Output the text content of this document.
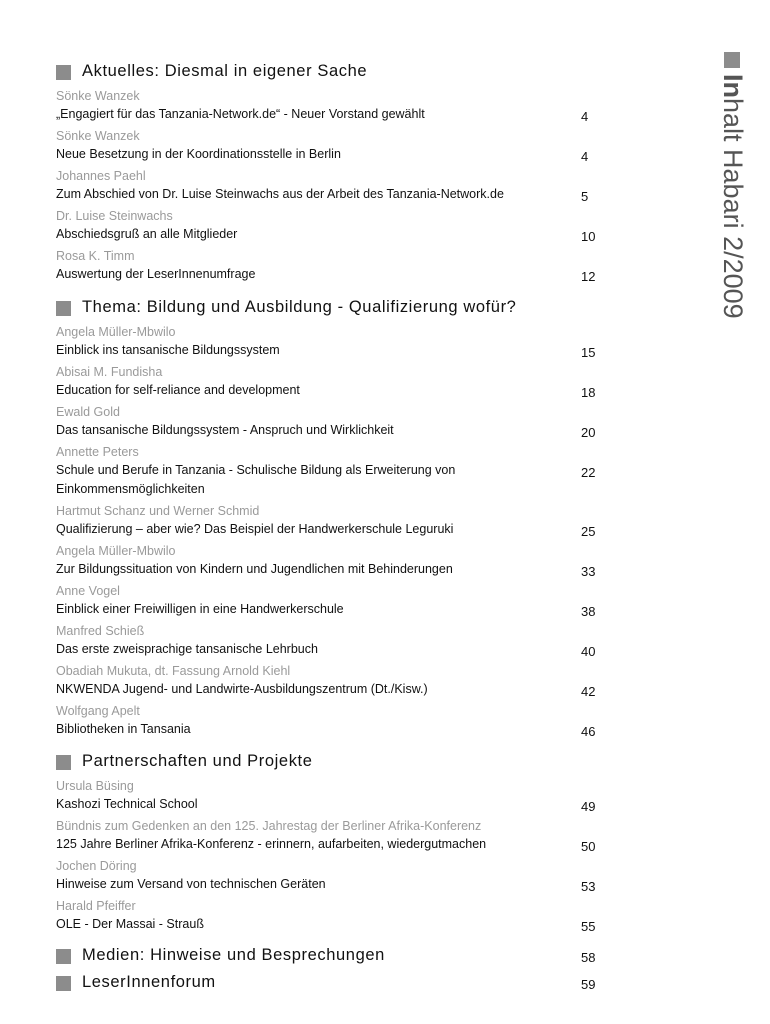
Aktuelles: Diesmal in eigener Sache
Sönke Wanzek
„Engagiert für das Tanzania-Network.de“ - Neuer Vorstand gewählt	4
Sönke Wanzek
Neue Besetzung in der Koordinationsstelle in Berlin	4
Johannes Paehl
Zum Abschied von Dr. Luise Steinwachs aus der Arbeit des Tanzania-Network.de	5
Dr. Luise Steinwachs
Abschiedsgruß an alle Mitglieder	10
Rosa K. Timm
Auswertung der LeserInnenumfrage	12
Thema: Bildung und Ausbildung - Qualifizierung wofür?
Angela Müller-Mbwilo
Einblick ins tansanische Bildungssystem	15
Abisai M. Fundisha
Education for self-reliance and development	18
Ewald Gold
Das tansanische Bildungssystem - Anspruch und Wirklichkeit	20
Annette Peters
Schule und Berufe in Tanzania - Schulische Bildung als Erweiterung von Einkommensmöglichkeiten
22
Hartmut Schanz und Werner Schmid
Qualifizierung – aber wie? Das Beispiel der Handwerkerschule Leguruki	25
Angela Müller-Mbwilo
Zur Bildungssituation von Kindern und Jugendlichen mit Behinderungen	33
Anne Vogel
Einblick einer Freiwilligen in eine Handwerkerschule	38
Manfred Schieß
Das erste zweisprachige tansanische Lehrbuch	40
Obadiah Mukuta, dt. Fassung Arnold Kiehl
NKWENDA Jugend- und Landwirte-Ausbildungszentrum (Dt./Kisw.)	42
Wolfgang Apelt
Bibliotheken in Tansania	46
Partnerschaften und Projekte
Ursula Büsing
Kashozi Technical School	49
Bündnis zum Gedenken an den 125. Jahrestag der Berliner Afrika-Konferenz
125 Jahre Berliner Afrika-Konferenz - erinnern, aufarbeiten, wiedergutmachen	50
Jochen Döring
Hinweise zum Versand von technischen Geräten	53
Harald Pfeiffer
OLE - Der Massai - Strauß	55
Medien: Hinweise und Besprechungen	58
LeserInnenforum	59
Inhalt Habari 2/2009
